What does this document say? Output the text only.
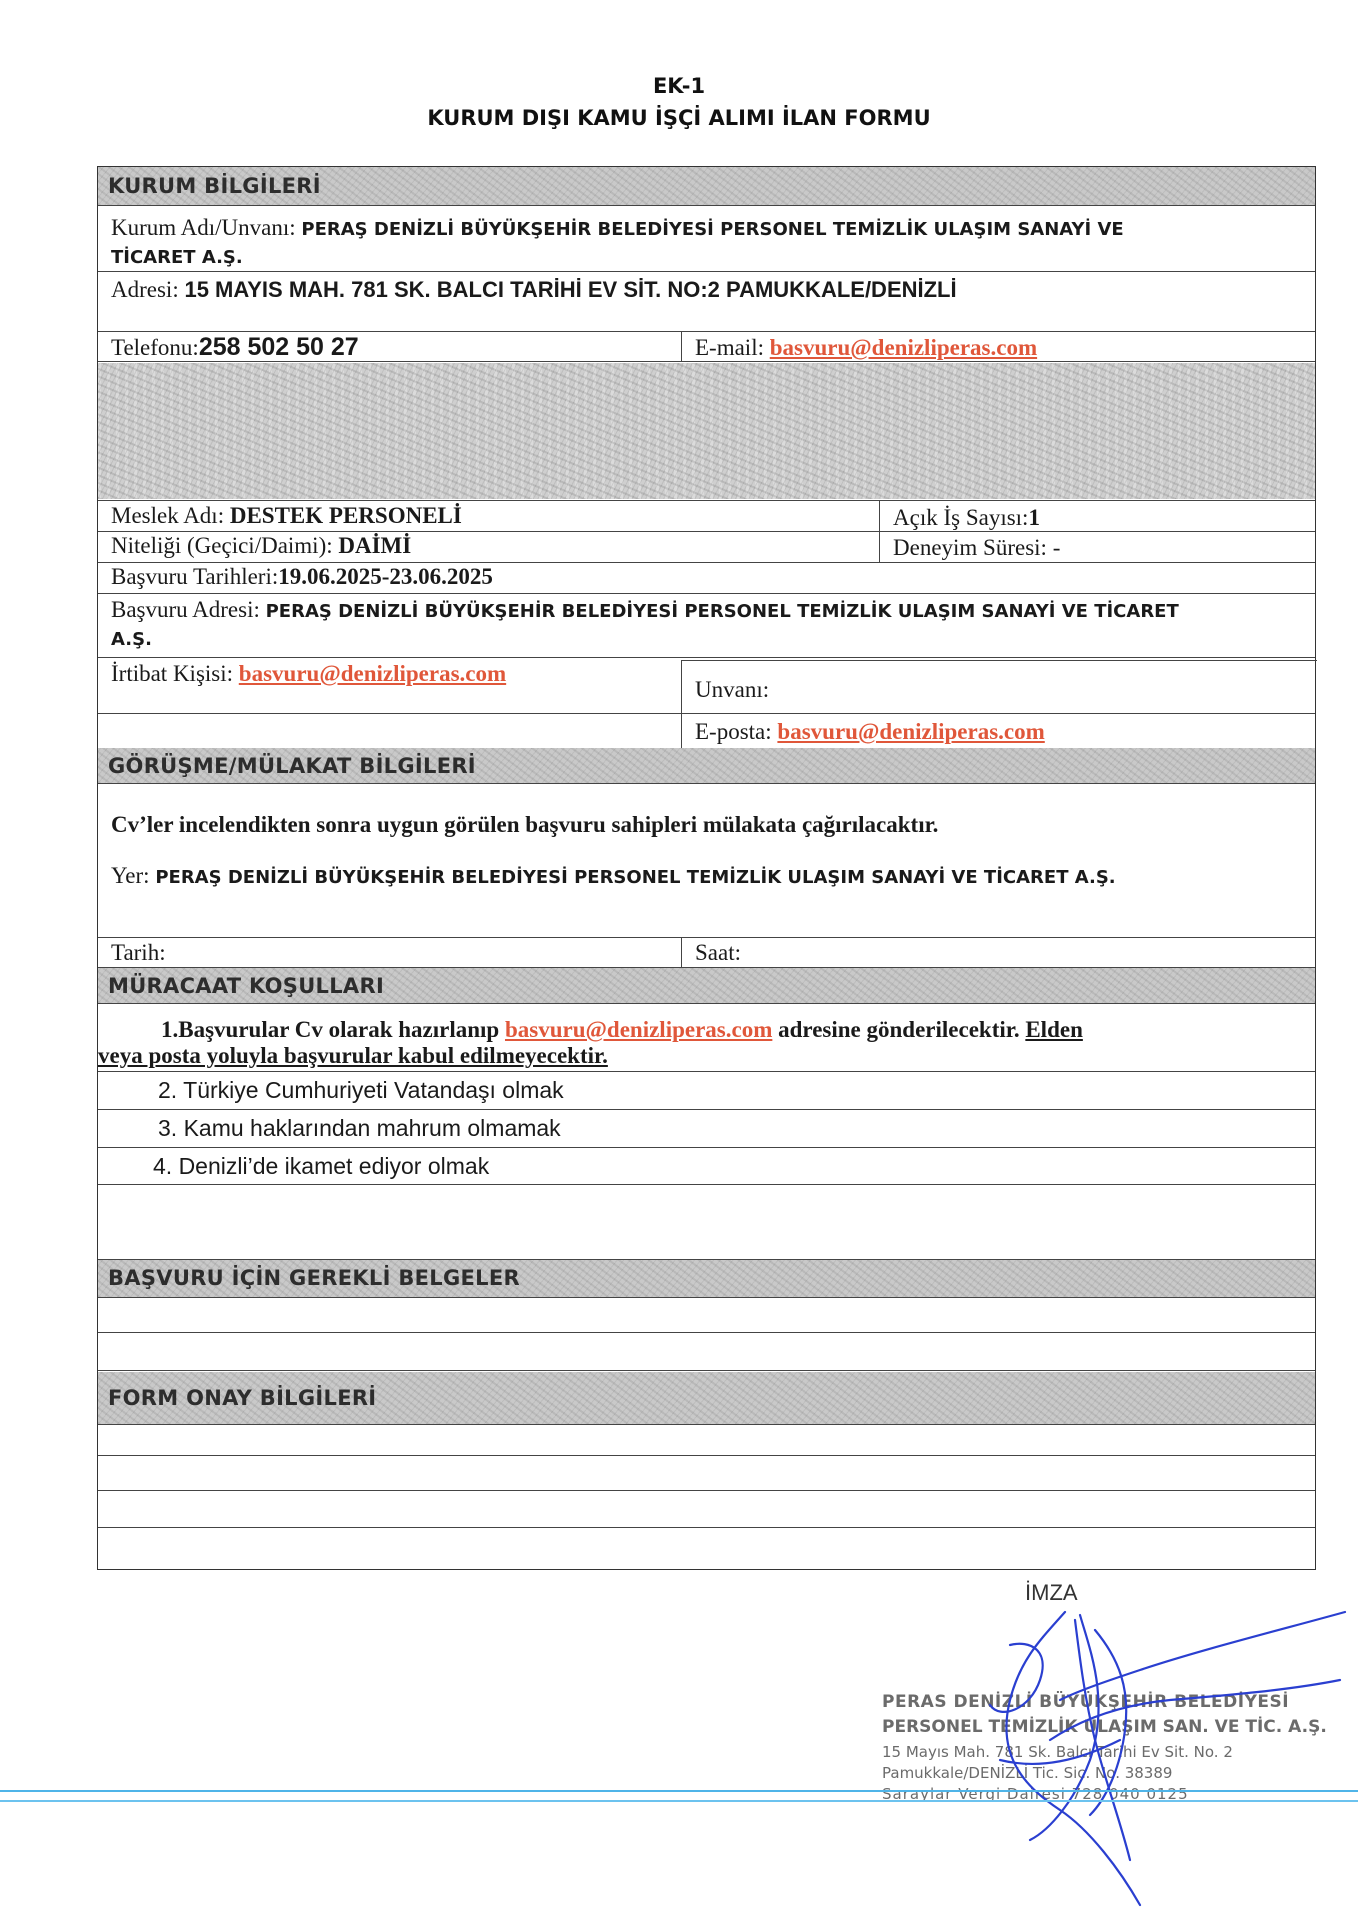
EK-1
KURUM DIŞI KAMU İŞÇİ ALIMI İLAN FORMU
KURUM BİLGİLERİ
Kurum Adı/Unvanı: PERAŞ DENİZLİ BÜYÜKŞEHİR BELEDİYESİ PERSONEL TEMİZLİK ULAŞIM SANAYİ VE
TİCARET A.Ş.
Adresi: 15 MAYIS MAH. 781 SK. BALCI TARİHİ EV SİT. NO:2 PAMUKKALE/DENİZLİ
Telefonu:258 502 50 27	E-mail: basvuru@denizliperas.com
Meslek Adı: DESTEK PERSONELİ	Açık İş Sayısı:1
Niteliği (Geçici/Daimi): DAİMİ	Deneyim Süresi: -
Başvuru Tarihleri:19.06.2025-23.06.2025
Başvuru Adresi: PERAŞ DENİZLİ BÜYÜKŞEHİR BELEDİYESİ PERSONEL TEMİZLİK ULAŞIM SANAYİ VE TİCARET
A.Ş.
İrtibat Kişisi: basvuru@denizliperas.com
Unvanı:
E-posta: basvuru@denizliperas.com
GÖRÜŞME/MÜLAKAT BİLGİLERİ
Cv’ler incelendikten sonra uygun görülen başvuru sahipleri mülakata çağırılacaktır.
Yer: PERAŞ DENİZLİ BÜYÜKŞEHİR BELEDİYESİ PERSONEL TEMİZLİK ULAŞIM SANAYİ VE TİCARET A.Ş.
Tarih:	Saat:
MÜRACAAT KOŞULLARI
1.Başvurular Cv olarak hazırlanıp basvuru@denizliperas.com adresine gönderilecektir. Elden
veya posta yoluyla başvurular kabul edilmeyecektir.
2. Türkiye Cumhuriyeti Vatandaşı olmak
3. Kamu haklarından mahrum olmamak
4. Denizli’de ikamet ediyor olmak
BAŞVURU İÇİN GEREKLİ BELGELER
FORM ONAY BİLGİLERİ
İMZA
PERAS DENİZLİ BÜYÜKŞEHİR BELEDİYESİ
PERSONEL TEMİZLİK ULAŞIM SAN. VE TİC. A.Ş.
15 Mayıs Mah. 781 Sk. Balcı Tarihi Ev Sit. No. 2
Pamukkale/DENİZLİ Tic. Sic. No. 38389
Saraylar Vergi Dairesi 728 040 0125
